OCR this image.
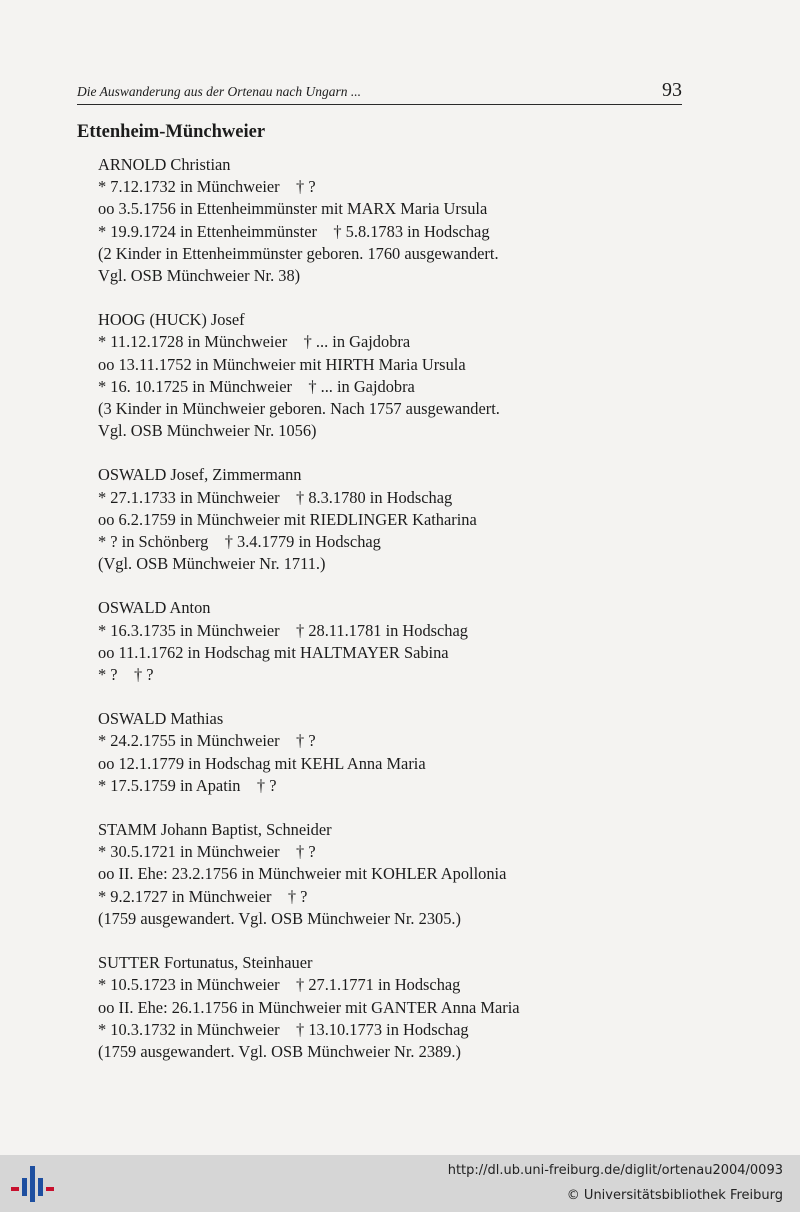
Die Auswanderung aus der Ortenau nach Ungarn ...	93
Ettenheim-Münchweier
ARNOLD Christian
* 7.12.1732 in Münchweier    † ?
oo 3.5.1756 in Ettenheimmünster mit MARX Maria Ursula
* 19.9.1724 in Ettenheimmünster    † 5.8.1783 in Hodschag
(2 Kinder in Ettenheimmünster geboren. 1760 ausgewandert.
Vgl. OSB Münchweier Nr. 38)
HOOG (HUCK) Josef
* 11.12.1728 in Münchweier    † ... in Gajdobra
oo 13.11.1752 in Münchweier mit HIRTH Maria Ursula
* 16. 10.1725 in Münchweier    † ... in Gajdobra
(3 Kinder in Münchweier geboren. Nach 1757 ausgewandert.
Vgl. OSB Münchweier Nr. 1056)
OSWALD Josef, Zimmermann
* 27.1.1733 in Münchweier    † 8.3.1780 in Hodschag
oo 6.2.1759 in Münchweier mit RIEDLINGER Katharina
* ? in Schönberg    † 3.4.1779 in Hodschag
(Vgl. OSB Münchweier Nr. 1711.)
OSWALD Anton
* 16.3.1735 in Münchweier    † 28.11.1781 in Hodschag
oo 11.1.1762 in Hodschag mit HALTMAYER Sabina
* ?    † ?
OSWALD Mathias
* 24.2.1755 in Münchweier    † ?
oo 12.1.1779 in Hodschag mit KEHL Anna Maria
* 17.5.1759 in Apatin    † ?
STAMM Johann Baptist, Schneider
* 30.5.1721 in Münchweier    † ?
oo II. Ehe: 23.2.1756 in Münchweier mit KOHLER Apollonia
* 9.2.1727 in Münchweier    † ?
(1759 ausgewandert. Vgl. OSB Münchweier Nr. 2305.)
SUTTER Fortunatus, Steinhauer
* 10.5.1723 in Münchweier    † 27.1.1771 in Hodschag
oo II. Ehe: 26.1.1756 in Münchweier mit GANTER Anna Maria
* 10.3.1732 in Münchweier    † 13.10.1773 in Hodschag
(1759 ausgewandert. Vgl. OSB Münchweier Nr. 2389.)
http://dl.ub.uni-freiburg.de/diglit/ortenau2004/0093
© Universitätsbibliothek Freiburg
